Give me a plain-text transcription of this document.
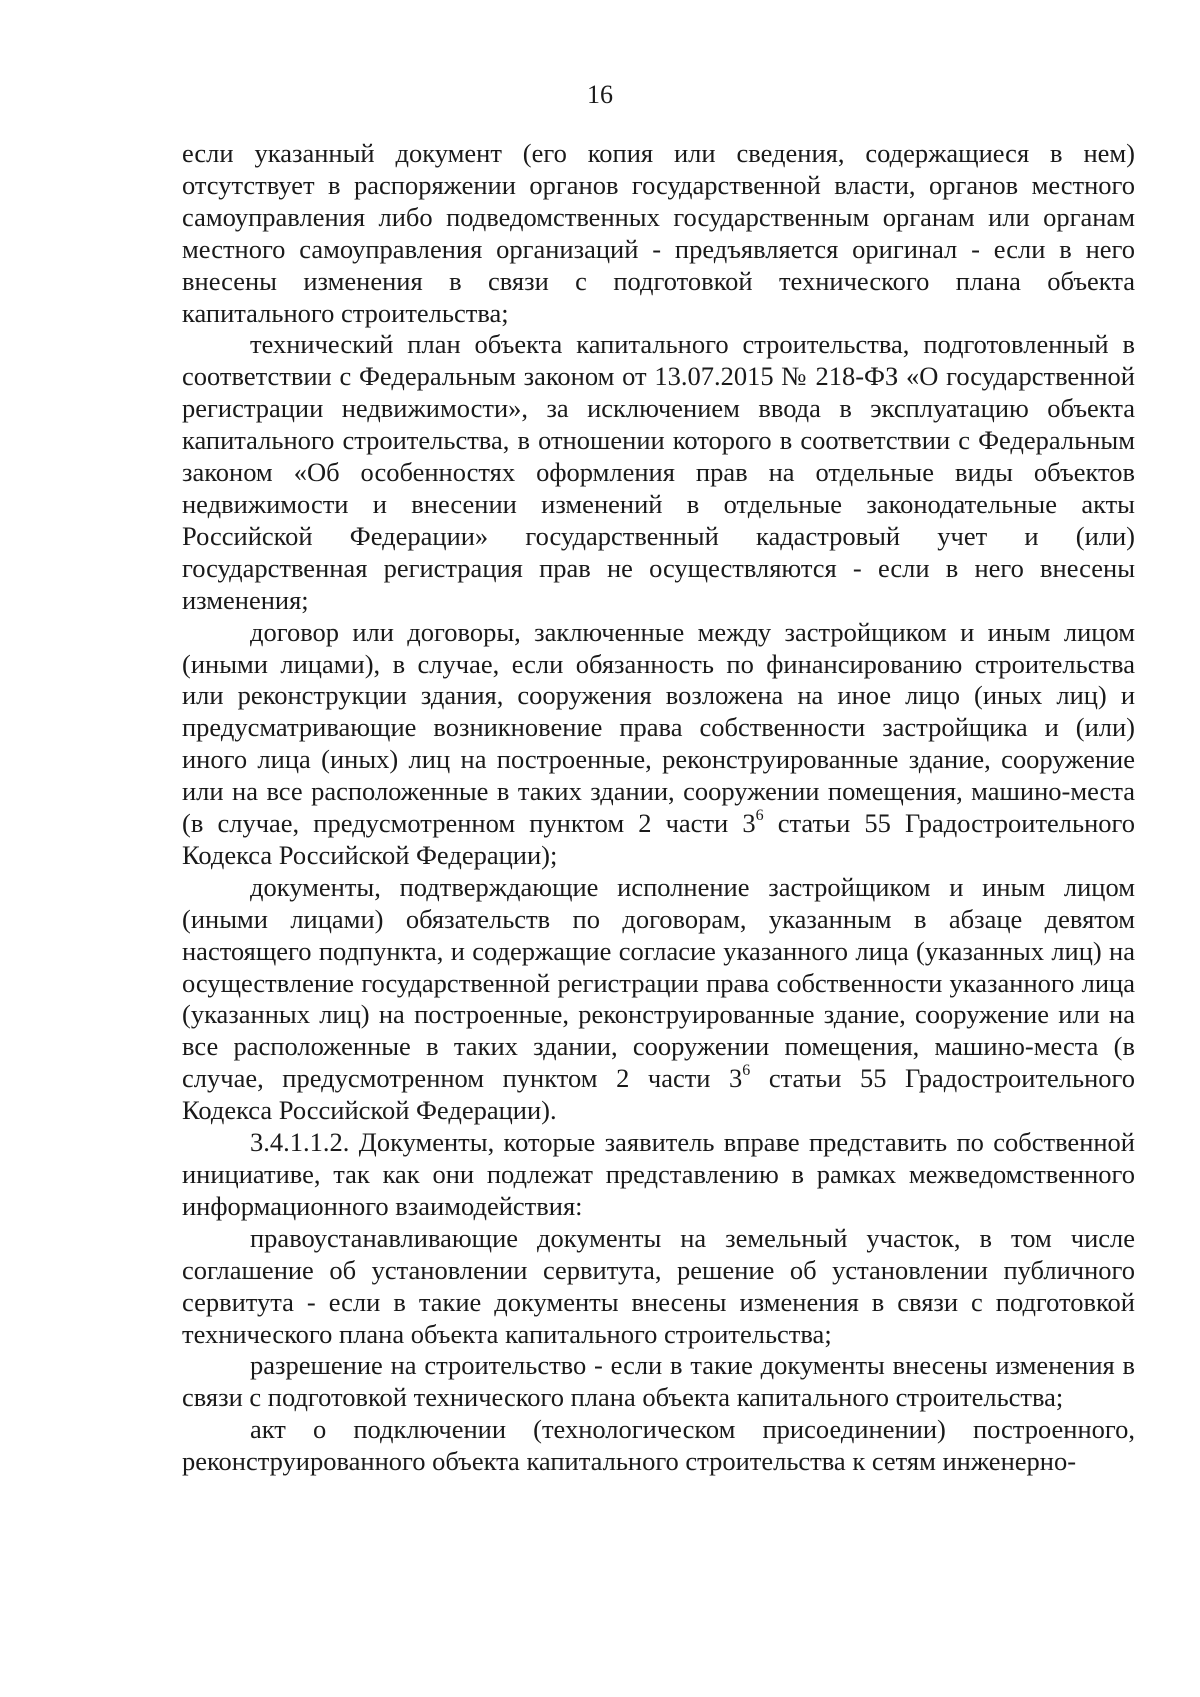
16

если указанный документ (его копия или сведения, содержащиеся в нем) отсутствует в распоряжении органов государственной власти, органов местного самоуправления либо подведомственных государственным органам или органам местного самоуправления организаций - предъявляется оригинал - если в него внесены изменения в связи с подготовкой технического плана объекта капитального строительства;

технический план объекта капитального строительства, подготовленный в соответствии с Федеральным законом от 13.07.2015 № 218-ФЗ «О государственной регистрации недвижимости», за исключением ввода в эксплуатацию объекта капитального строительства, в отношении которого в соответствии с Федеральным законом «Об особенностях оформления прав на отдельные виды объектов недвижимости и внесении изменений в отдельные законодательные акты Российской Федерации» государственный кадастровый учет и (или) государственная регистрация прав не осуществляются - если в него внесены изменения;

договор или договоры, заключенные между застройщиком и иным лицом (иными лицами), в случае, если обязанность по финансированию строительства или реконструкции здания, сооружения возложена на иное лицо (иных лиц) и предусматривающие возникновение права собственности застройщика и (или) иного лица (иных) лиц на построенные, реконструированные здание, сооружение или на все расположенные в таких здании, сооружении помещения, машино-места (в случае, предусмотренном пунктом 2 части $3^6$ статьи 55 Градостроительного Кодекса Российской Федерации);

документы, подтверждающие исполнение застройщиком и иным лицом (иными лицами) обязательств по договорам, указанным в абзаце девятом настоящего подпункта, и содержащие согласие указанного лица (указанных лиц) на осуществление государственной регистрации права собственности указанного лица (указанных лиц) на построенные, реконструированные здание, сооружение или на все расположенные в таких здании, сооружении помещения, машино-места (в случае, предусмотренном пунктом 2 части $3^6$ статьи 55 Градостроительного Кодекса Российской Федерации).

3.4.1.1.2. Документы, которые заявитель вправе представить по собственной инициативе, так как они подлежат представлению в рамках межведомственного информационного взаимодействия:

правоустанавливающие документы на земельный участок, в том числе соглашение об установлении сервитута, решение об установлении публичного сервитута - если в такие документы внесены изменения в связи с подготовкой технического плана объекта капитального строительства;

разрешение на строительство - если в такие документы внесены изменения в связи с подготовкой технического плана объекта капитального строительства;

акт о подключении (технологическом присоединении) построенного, реконструированного объекта капитального строительства к сетям инженерно-
